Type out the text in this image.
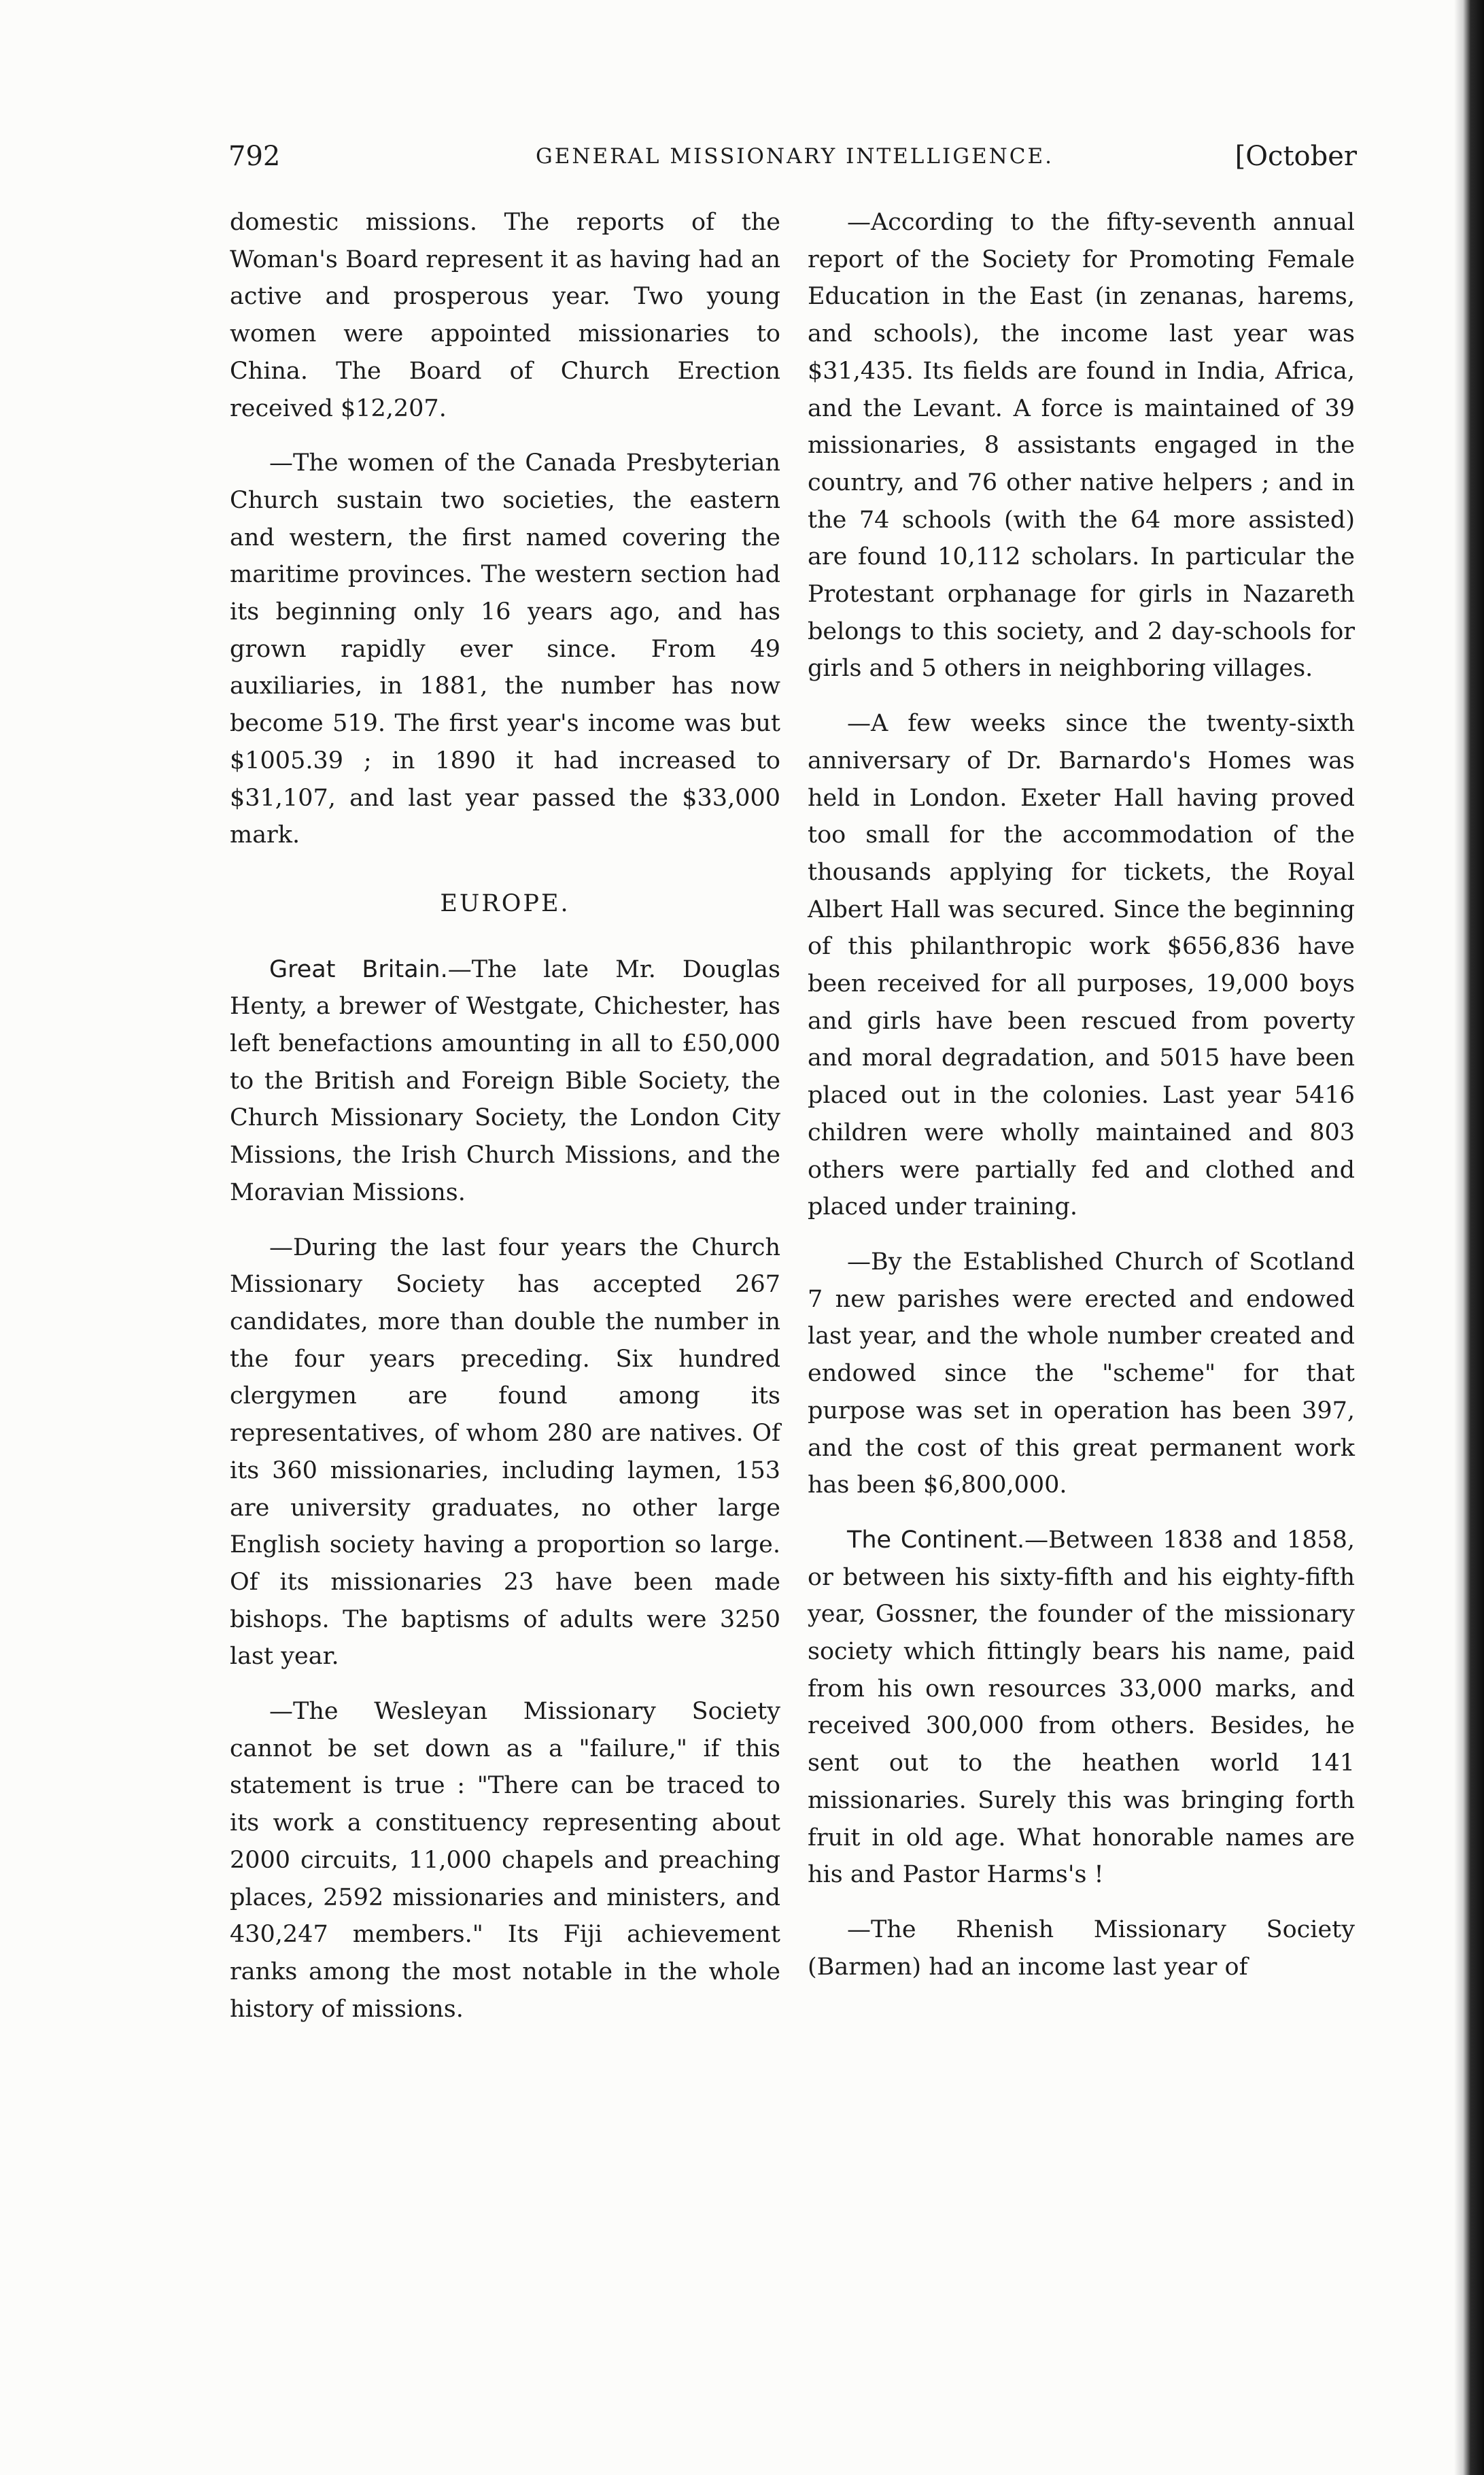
792	GENERAL MISSIONARY INTELLIGENCE.	[October

domestic missions. The reports of the Woman's Board represent it as having had an active and prosperous year. Two young women were appointed missionaries to China. The Board of Church Erection received $12,207.

—The women of the Canada Presbyterian Church sustain two societies, the eastern and western, the first named covering the maritime provinces. The western section had its beginning only 16 years ago, and has grown rapidly ever since. From 49 auxiliaries, in 1881, the number has now become 519. The first year's income was but $1005.39 ; in 1890 it had increased to $31,107, and last year passed the $33,000 mark.

EUROPE.

Great Britain.—The late Mr. Douglas Henty, a brewer of Westgate, Chichester, has left benefactions amounting in all to £50,000 to the British and Foreign Bible Society, the Church Missionary Society, the London City Missions, the Irish Church Missions, and the Moravian Missions.

—During the last four years the Church Missionary Society has accepted 267 candidates, more than double the number in the four years preceding. Six hundred clergymen are found among its representatives, of whom 280 are natives. Of its 360 missionaries, including laymen, 153 are university graduates, no other large English society having a proportion so large. Of its missionaries 23 have been made bishops. The baptisms of adults were 3250 last year.

—The Wesleyan Missionary Society cannot be set down as a "failure," if this statement is true : "There can be traced to its work a constituency representing about 2000 circuits, 11,000 chapels and preaching places, 2592 missionaries and ministers, and 430,247 members." Its Fiji achievement ranks among the most notable in the whole history of missions.

—According to the fifty-seventh annual report of the Society for Promoting Female Education in the East (in zenanas, harems, and schools), the income last year was $31,435. Its fields are found in India, Africa, and the Levant. A force is maintained of 39 missionaries, 8 assistants engaged in the country, and 76 other native helpers ; and in the 74 schools (with the 64 more assisted) are found 10,112 scholars. In particular the Protestant orphanage for girls in Nazareth belongs to this society, and 2 day-schools for girls and 5 others in neighboring villages.

—A few weeks since the twenty-sixth anniversary of Dr. Barnardo's Homes was held in London. Exeter Hall having proved too small for the accommodation of the thousands applying for tickets, the Royal Albert Hall was secured. Since the beginning of this philanthropic work $656,836 have been received for all purposes, 19,000 boys and girls have been rescued from poverty and moral degradation, and 5015 have been placed out in the colonies. Last year 5416 children were wholly maintained and 803 others were partially fed and clothed and placed under training.

—By the Established Church of Scotland 7 new parishes were erected and endowed last year, and the whole number created and endowed since the "scheme" for that purpose was set in operation has been 397, and the cost of this great permanent work has been $6,800,000.

The Continent.—Between 1838 and 1858, or between his sixty-fifth and his eighty-fifth year, Gossner, the founder of the missionary society which fittingly bears his name, paid from his own resources 33,000 marks, and received 300,000 from others. Besides, he sent out to the heathen world 141 missionaries. Surely this was bringing forth fruit in old age. What honorable names are his and Pastor Harms's !

—The Rhenish Missionary Society (Barmen) had an income last year of
